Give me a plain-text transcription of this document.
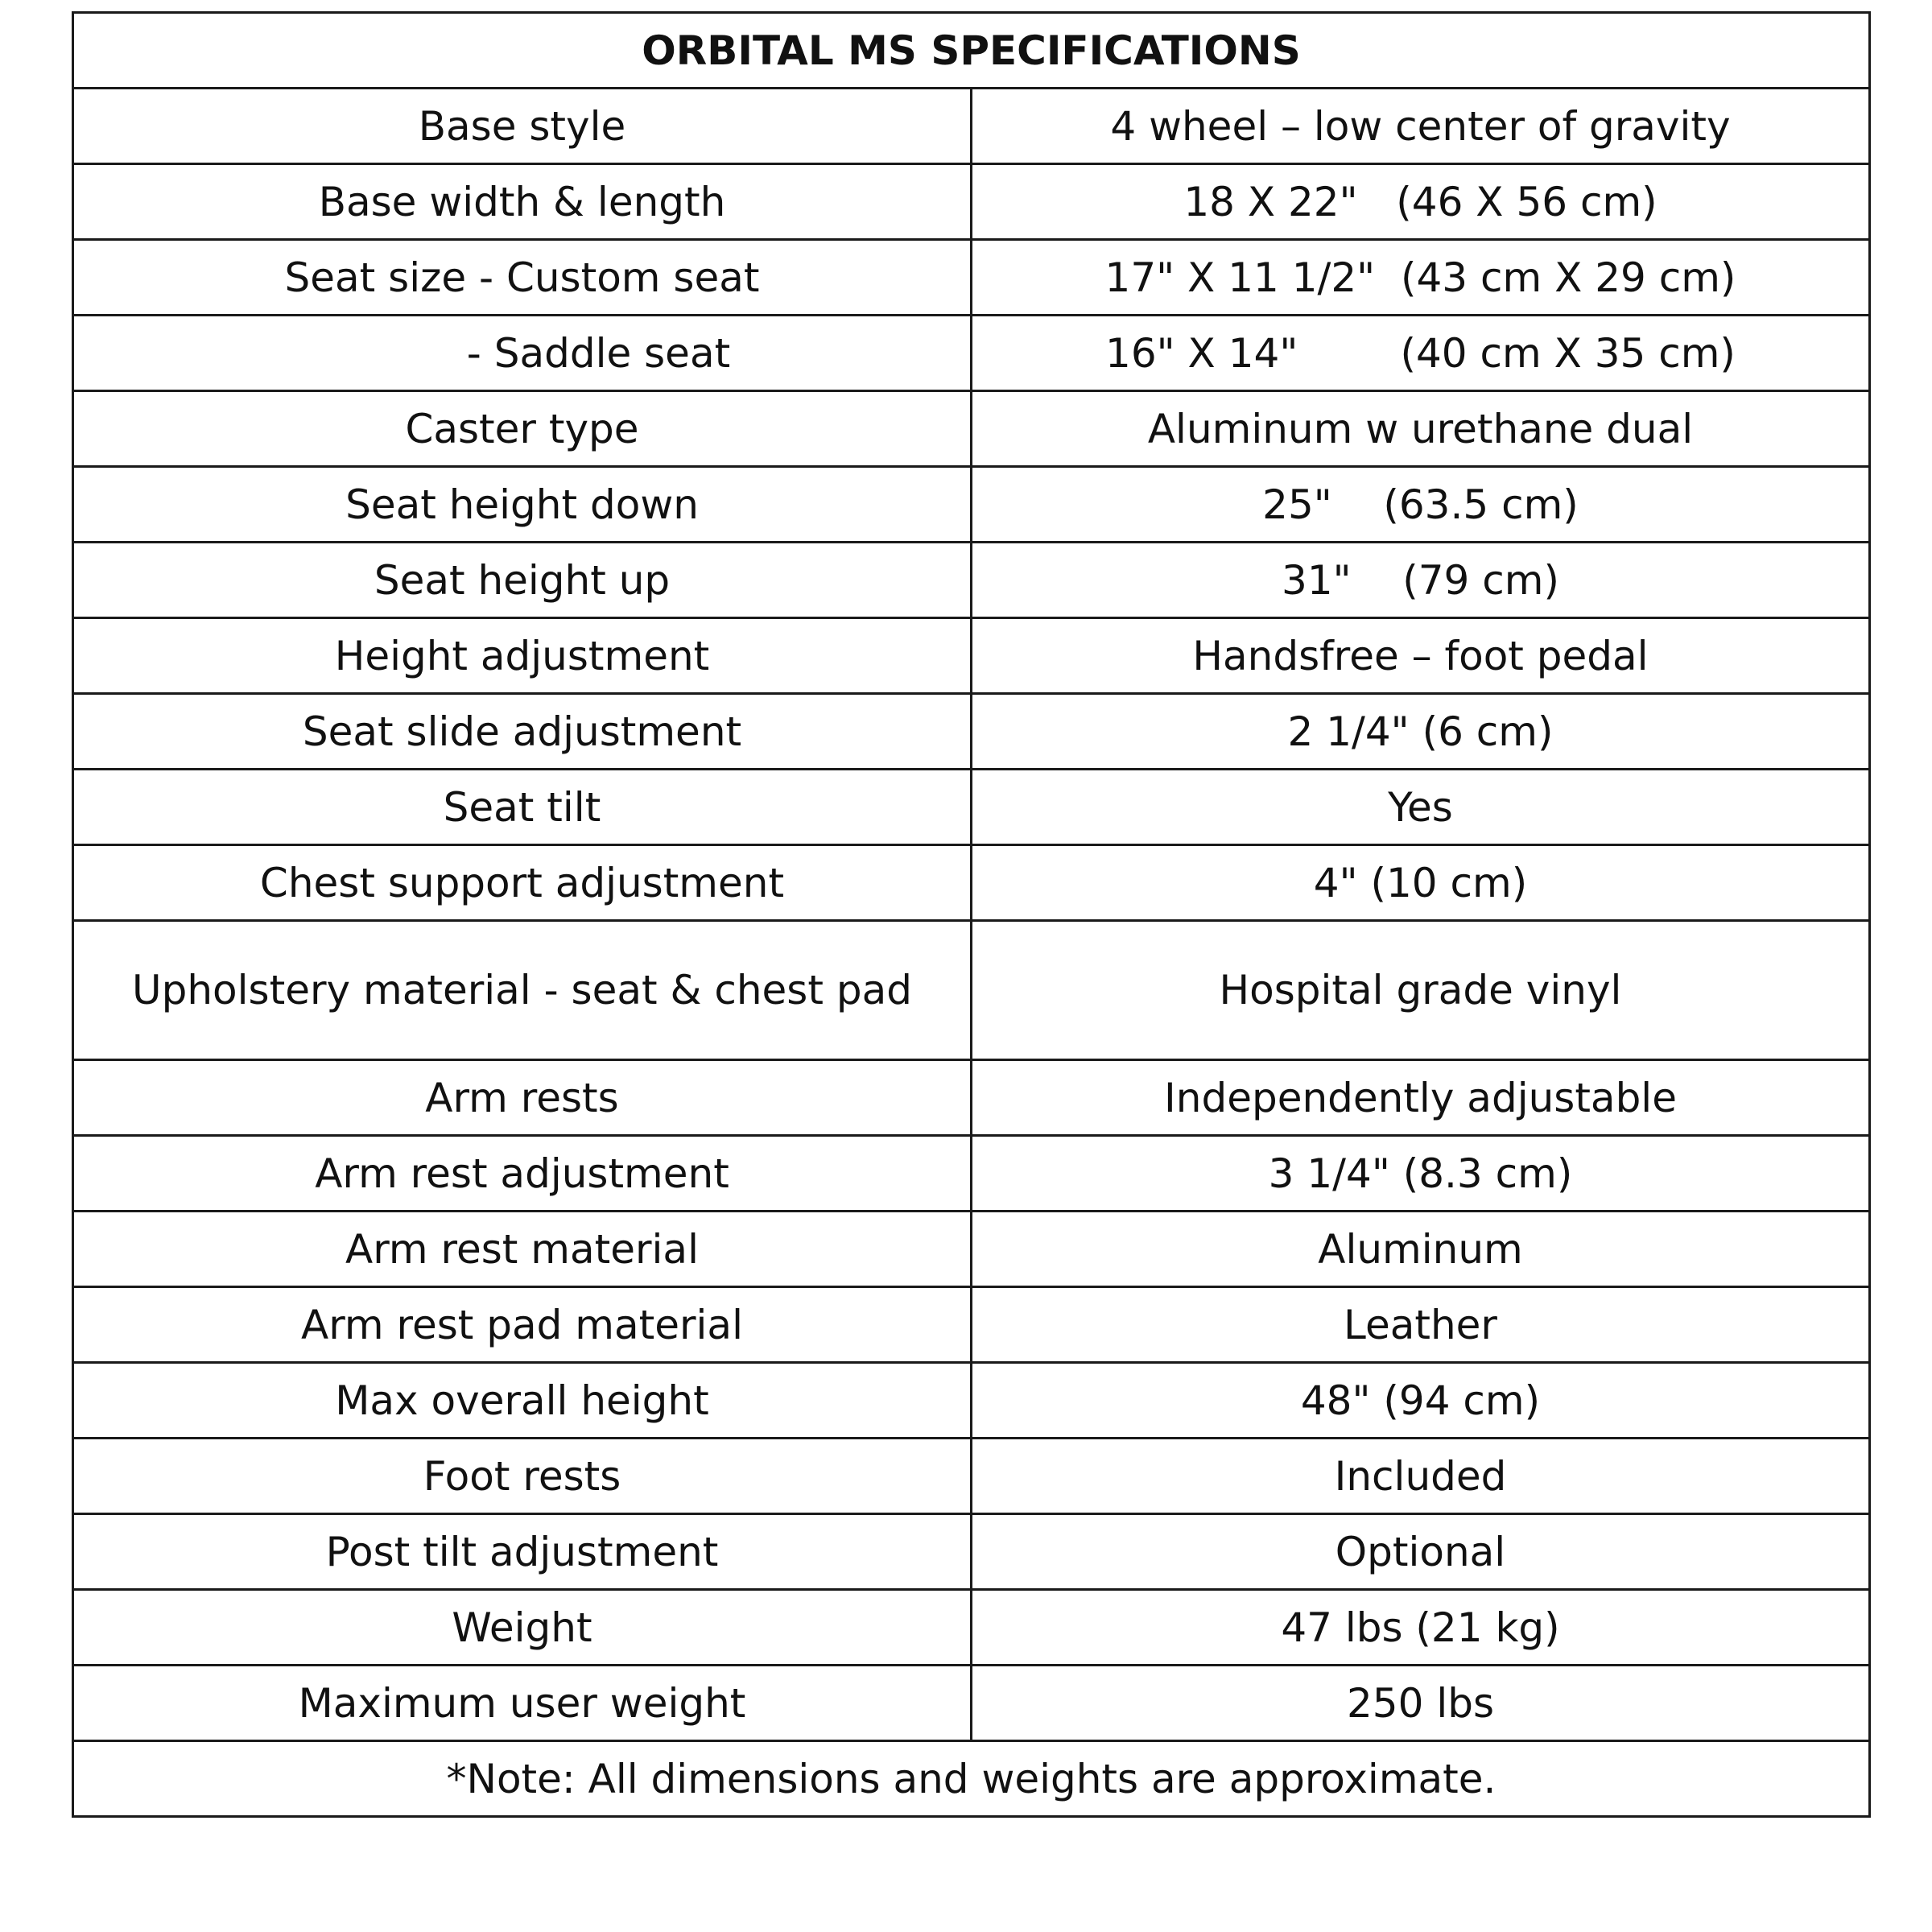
ORBITAL MS SPECIFICATIONS	
Base style	4 wheel – low center of gravity
Base width & length	18 X 22"   (46 X 56 cm)
Seat size - Custom seat	17" X 11 1/2"  (43 cm X 29 cm)
- Saddle seat	16" X 14"        (40 cm X 35 cm)
Caster type	Aluminum w urethane dual
Seat height down	25"    (63.5 cm)
Seat height up	31"    (79 cm)
Height adjustment	Handsfree – foot pedal
Seat slide adjustment	2 1/4" (6 cm)
Seat tilt	Yes
Chest support adjustment	4" (10 cm)
Upholstery material - seat & chest pad	Hospital grade vinyl
Arm rests	Independently adjustable
Arm rest adjustment	3 1/4" (8.3 cm)
Arm rest material	Aluminum
Arm rest pad material	Leather
Max overall height	48" (94 cm)
Foot rests	Included
Post tilt adjustment	Optional
Weight	47 lbs (21 kg)
Maximum user weight	250 lbs
*Note: All dimensions and weights are approximate.	
